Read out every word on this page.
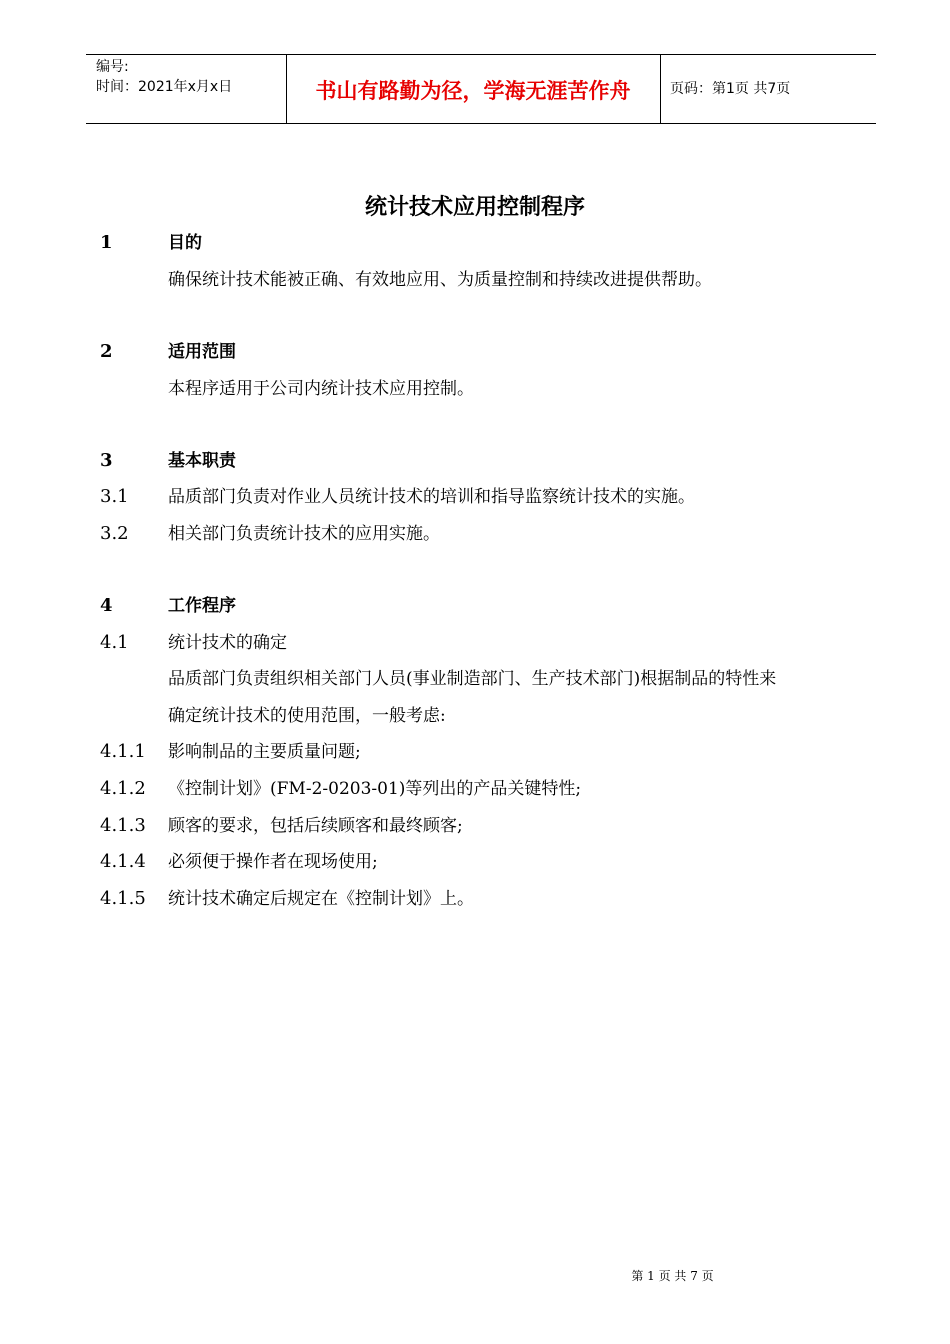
编号:
时间：2021年x月x日	书山有路勤为径，学海无涯苦作舟	页码：第1页 共7页
统计技术应用控制程序
1	目的
确保统计技术能被正确、有效地应用、为质量控制和持续改进提供帮助。
2	适用范围
本程序适用于公司内统计技术应用控制。
3	基本职责
3.1 品质部门负责对作业人员统计技术的培训和指导监察统计技术的实施。
3.2 相关部门负责统计技术的应用实施。
4	工作程序
4.1 统计技术的确定
品质部门负责组织相关部门人员(事业制造部门、生产技术部门)根据制品的特性来
确定统计技术的使用范围，一般考虑:
4.1.1 影响制品的主要质量问题;
4.1.2 《控制计划》(FM-2-0203-01)等列出的产品关键特性;
4.1.3 顾客的要求，包括后续顾客和最终顾客;
4.1.4 必须便于操作者在现场使用;
4.1.5 统计技术确定后规定在《控制计划》上。
第 1 页 共 7 页
